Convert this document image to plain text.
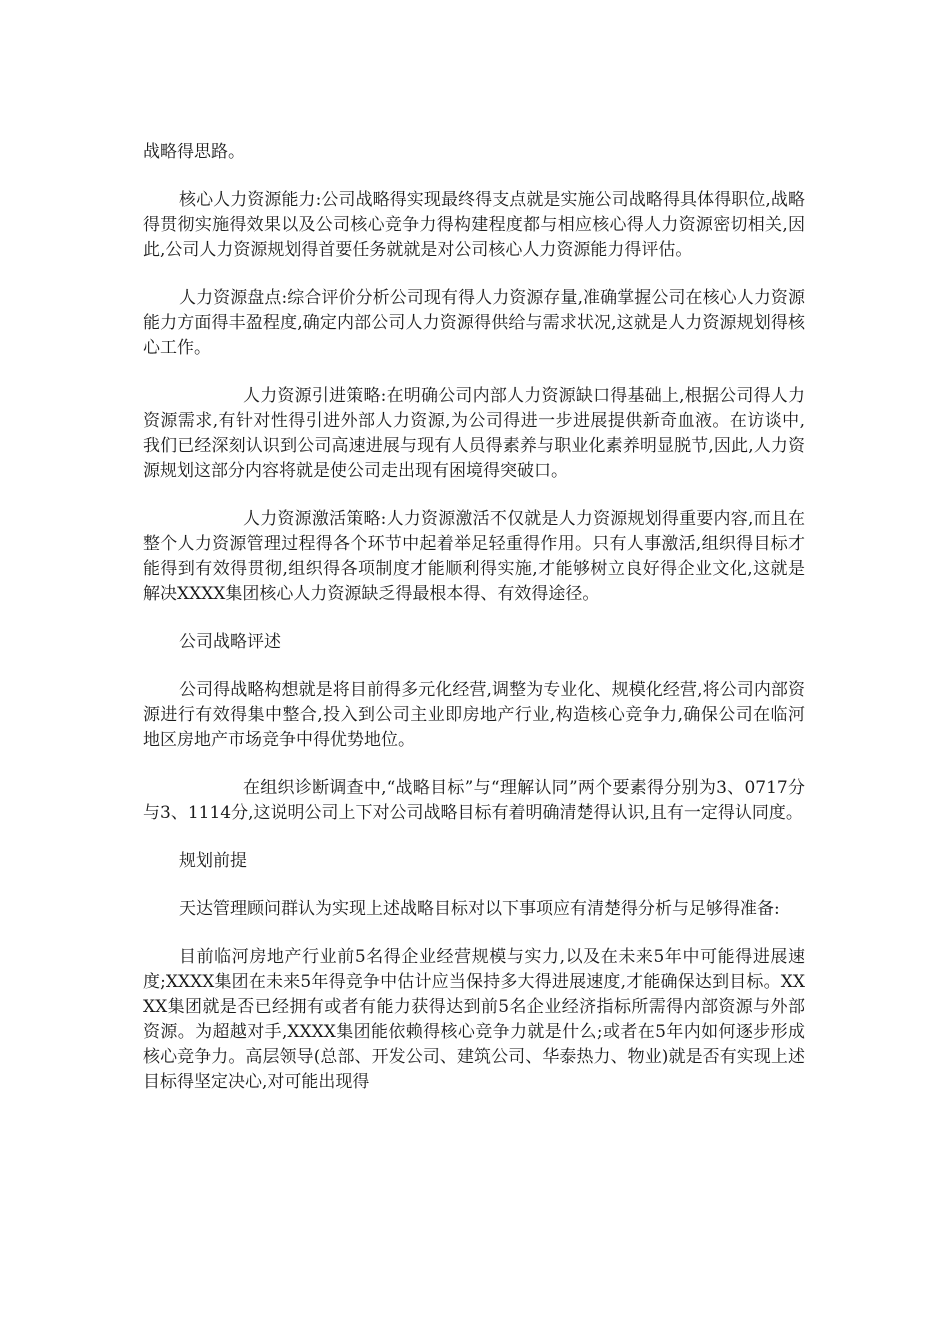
战略得思路。

核心人力资源能力:公司战略得实现最终得支点就是实施公司战略得具体得职位,战略得贯彻实施得效果以及公司核心竞争力得构建程度都与相应核心得人力资源密切相关,因此,公司人力资源规划得首要任务就就是对公司核心人力资源能力得评估。

人力资源盘点:综合评价分析公司现有得人力资源存量,准确掌握公司在核心人力资源能力方面得丰盈程度,确定内部公司人力资源得供给与需求状况,这就是人力资源规划得核心工作。

人力资源引进策略:在明确公司内部人力资源缺口得基础上,根据公司得人力资源需求,有针对性得引进外部人力资源,为公司得进一步进展提供新奇血液。在访谈中,我们已经深刻认识到公司高速进展与现有人员得素养与职业化素养明显脱节,因此,人力资源规划这部分内容将就是使公司走出现有困境得突破口。

人力资源激活策略:人力资源激活不仅就是人力资源规划得重要内容,而且在整个人力资源管理过程得各个环节中起着举足轻重得作用。只有人事激活,组织得目标才能得到有效得贯彻,组织得各项制度才能顺利得实施,才能够树立良好得企业文化,这就是解决XXXX集团核心人力资源缺乏得最根本得、有效得途径。

公司战略评述

公司得战略构想就是将目前得多元化经营,调整为专业化、规模化经营,将公司内部资源进行有效得集中整合,投入到公司主业即房地产行业,构造核心竞争力,确保公司在临河地区房地产市场竞争中得优势地位。

在组织诊断调查中,“战略目标”与“理解认同”两个要素得分别为3、0717分与3、1114分,这说明公司上下对公司战略目标有着明确清楚得认识,且有一定得认同度。

规划前提

天达管理顾问群认为实现上述战略目标对以下事项应有清楚得分析与足够得准备:

目前临河房地产行业前5名得企业经营规模与实力,以及在未来5年中可能得进展速度;XXXX集团在未来5年得竞争中估计应当保持多大得进展速度,才能确保达到目标。XXXX集团就是否已经拥有或者有能力获得达到前5名企业经济指标所需得内部资源与外部资源。为超越对手,XXXX集团能依赖得核心竞争力就是什么;或者在5年内如何逐步形成核心竞争力。高层领导(总部、开发公司、建筑公司、华泰热力、物业)就是否有实现上述目标得坚定决心,对可能出现得
